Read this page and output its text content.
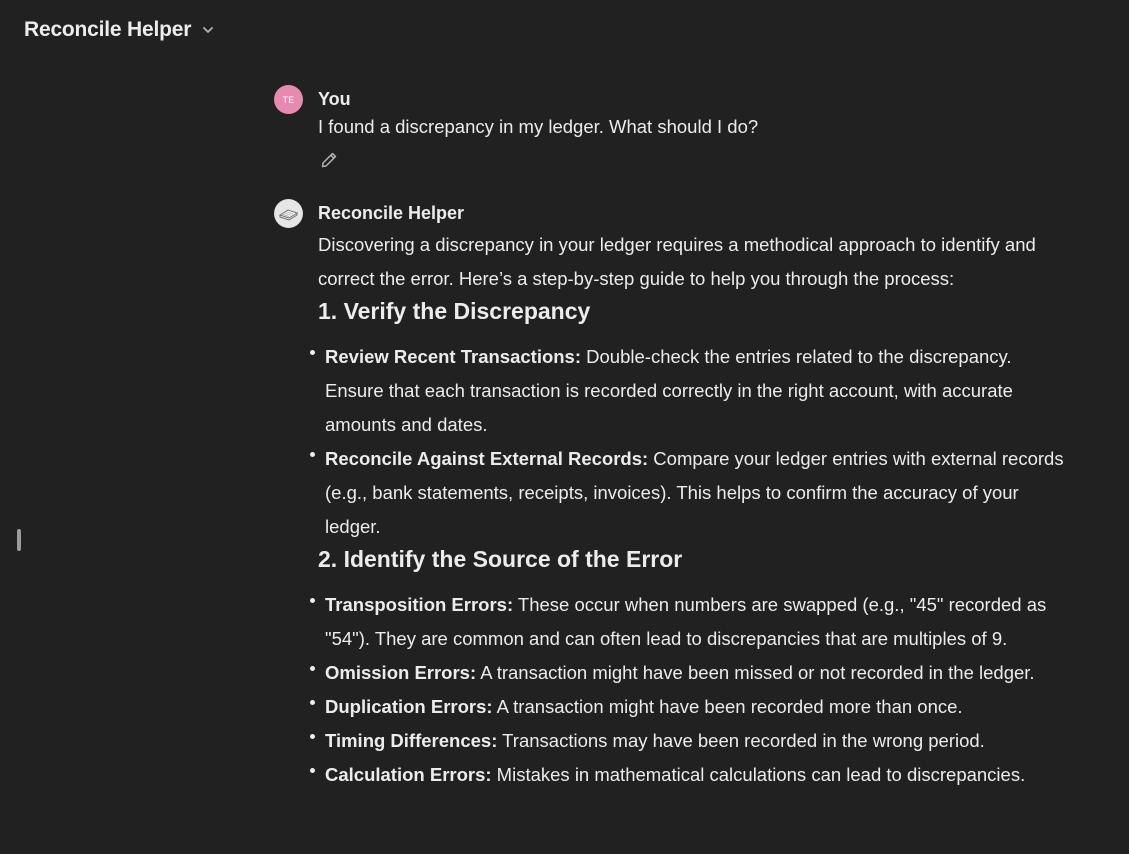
Reconcile Helper
TE You
I found a discrepancy in my ledger. What should I do?
Reconcile Helper
Discovering a discrepancy in your ledger requires a methodical approach to identify and correct the error. Here’s a step-by-step guide to help you through the process:
1. Verify the Discrepancy
Review Recent Transactions: Double-check the entries related to the discrepancy. Ensure that each transaction is recorded correctly in the right account, with accurate amounts and dates.
Reconcile Against External Records: Compare your ledger entries with external records (e.g., bank statements, receipts, invoices). This helps to confirm the accuracy of your ledger.
2. Identify the Source of the Error
Transposition Errors: These occur when numbers are swapped (e.g., "45" recorded as "54"). They are common and can often lead to discrepancies that are multiples of 9.
Omission Errors: A transaction might have been missed or not recorded in the ledger.
Duplication Errors: A transaction might have been recorded more than once.
Timing Differences: Transactions may have been recorded in the wrong period.
Calculation Errors: Mistakes in mathematical calculations can lead to discrepancies.
